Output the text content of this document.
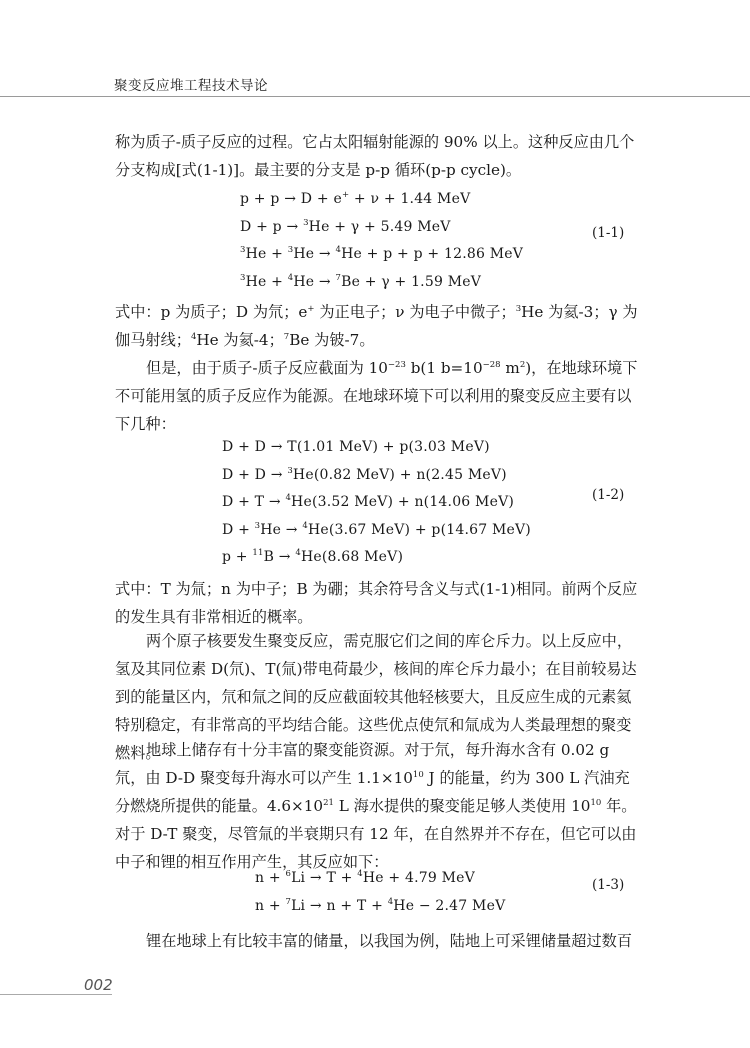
聚变反应堆工程技术导论

称为质子-质子反应的过程。它占太阳辐射能源的 90% 以上。这种反应由几个分支构成[式(1-1)]。最主要的分支是 p-p 循环(p-p cycle)。

p + p → D + e+ + ν + 1.44 MeV
D + p → $^3$He + γ + 5.49 MeV
$^3$He + $^3$He → $^4$He + p + p + 12.86 MeV
$^3$He + $^4$He → $^7$Be + γ + 1.59 MeV
(1-1)

式中：p 为质子；D 为氘；e+ 为正电子；ν 为电子中微子；$^3$He 为氦-3；γ 为伽马射线；$^4$He 为氦-4；$^7$Be 为铍-7。

但是，由于质子-质子反应截面为 $10^{-23}$ b(1 $b=10^{-28}$ $m^2$)，在地球环境下不可能用氢的质子反应作为能源。在地球环境下可以利用的聚变反应主要有以下几种：

D + D → T(1.01 MeV) + p(3.03 MeV)
D + D → $^3$He(0.82 MeV) + n(2.45 MeV)
D + T → $^4$He(3.52 MeV) + n(14.06 MeV)
D + $^3$He → $^4$He(3.67 MeV) + p(14.67 MeV)
p + $^{11}$B → $^4$He(8.68 MeV)
(1-2)

式中：T 为氚；n 为中子；B 为硼；其余符号含义与式(1-1)相同。前两个反应的发生具有非常相近的概率。

两个原子核要发生聚变反应，需克服它们之间的库仑斥力。以上反应中，氢及其同位素 D(氘)、T(氚)带电荷最少，核间的库仑斥力最小；在目前较易达到的能量区内，氘和氚之间的反应截面较其他轻核要大，且反应生成的元素氦特别稳定，有非常高的平均结合能。这些优点使氘和氚成为人类最理想的聚变燃料。

地球上储存有十分丰富的聚变能资源。对于氘，每升海水含有 0.02 g 氘，由 D-D 聚变每升海水可以产生 $1.1\times 10^{10}$ J 的能量，约为 300 L 汽油充分燃烧所提供的能量。$4.6\times 10^{21}$ L 海水提供的聚变能足够人类使用 $10^{10}$ 年。对于 D-T 聚变，尽管氚的半衰期只有 12 年，在自然界并不存在，但它可以由中子和锂的相互作用产生，其反应如下：

n + $^6$Li → T + $^4$He + 4.79 MeV
n + $^7$Li → n + T + $^4$He − 2.47 MeV
(1-3)

锂在地球上有比较丰富的储量，以我国为例，陆地上可采锂储量超过数百

002
